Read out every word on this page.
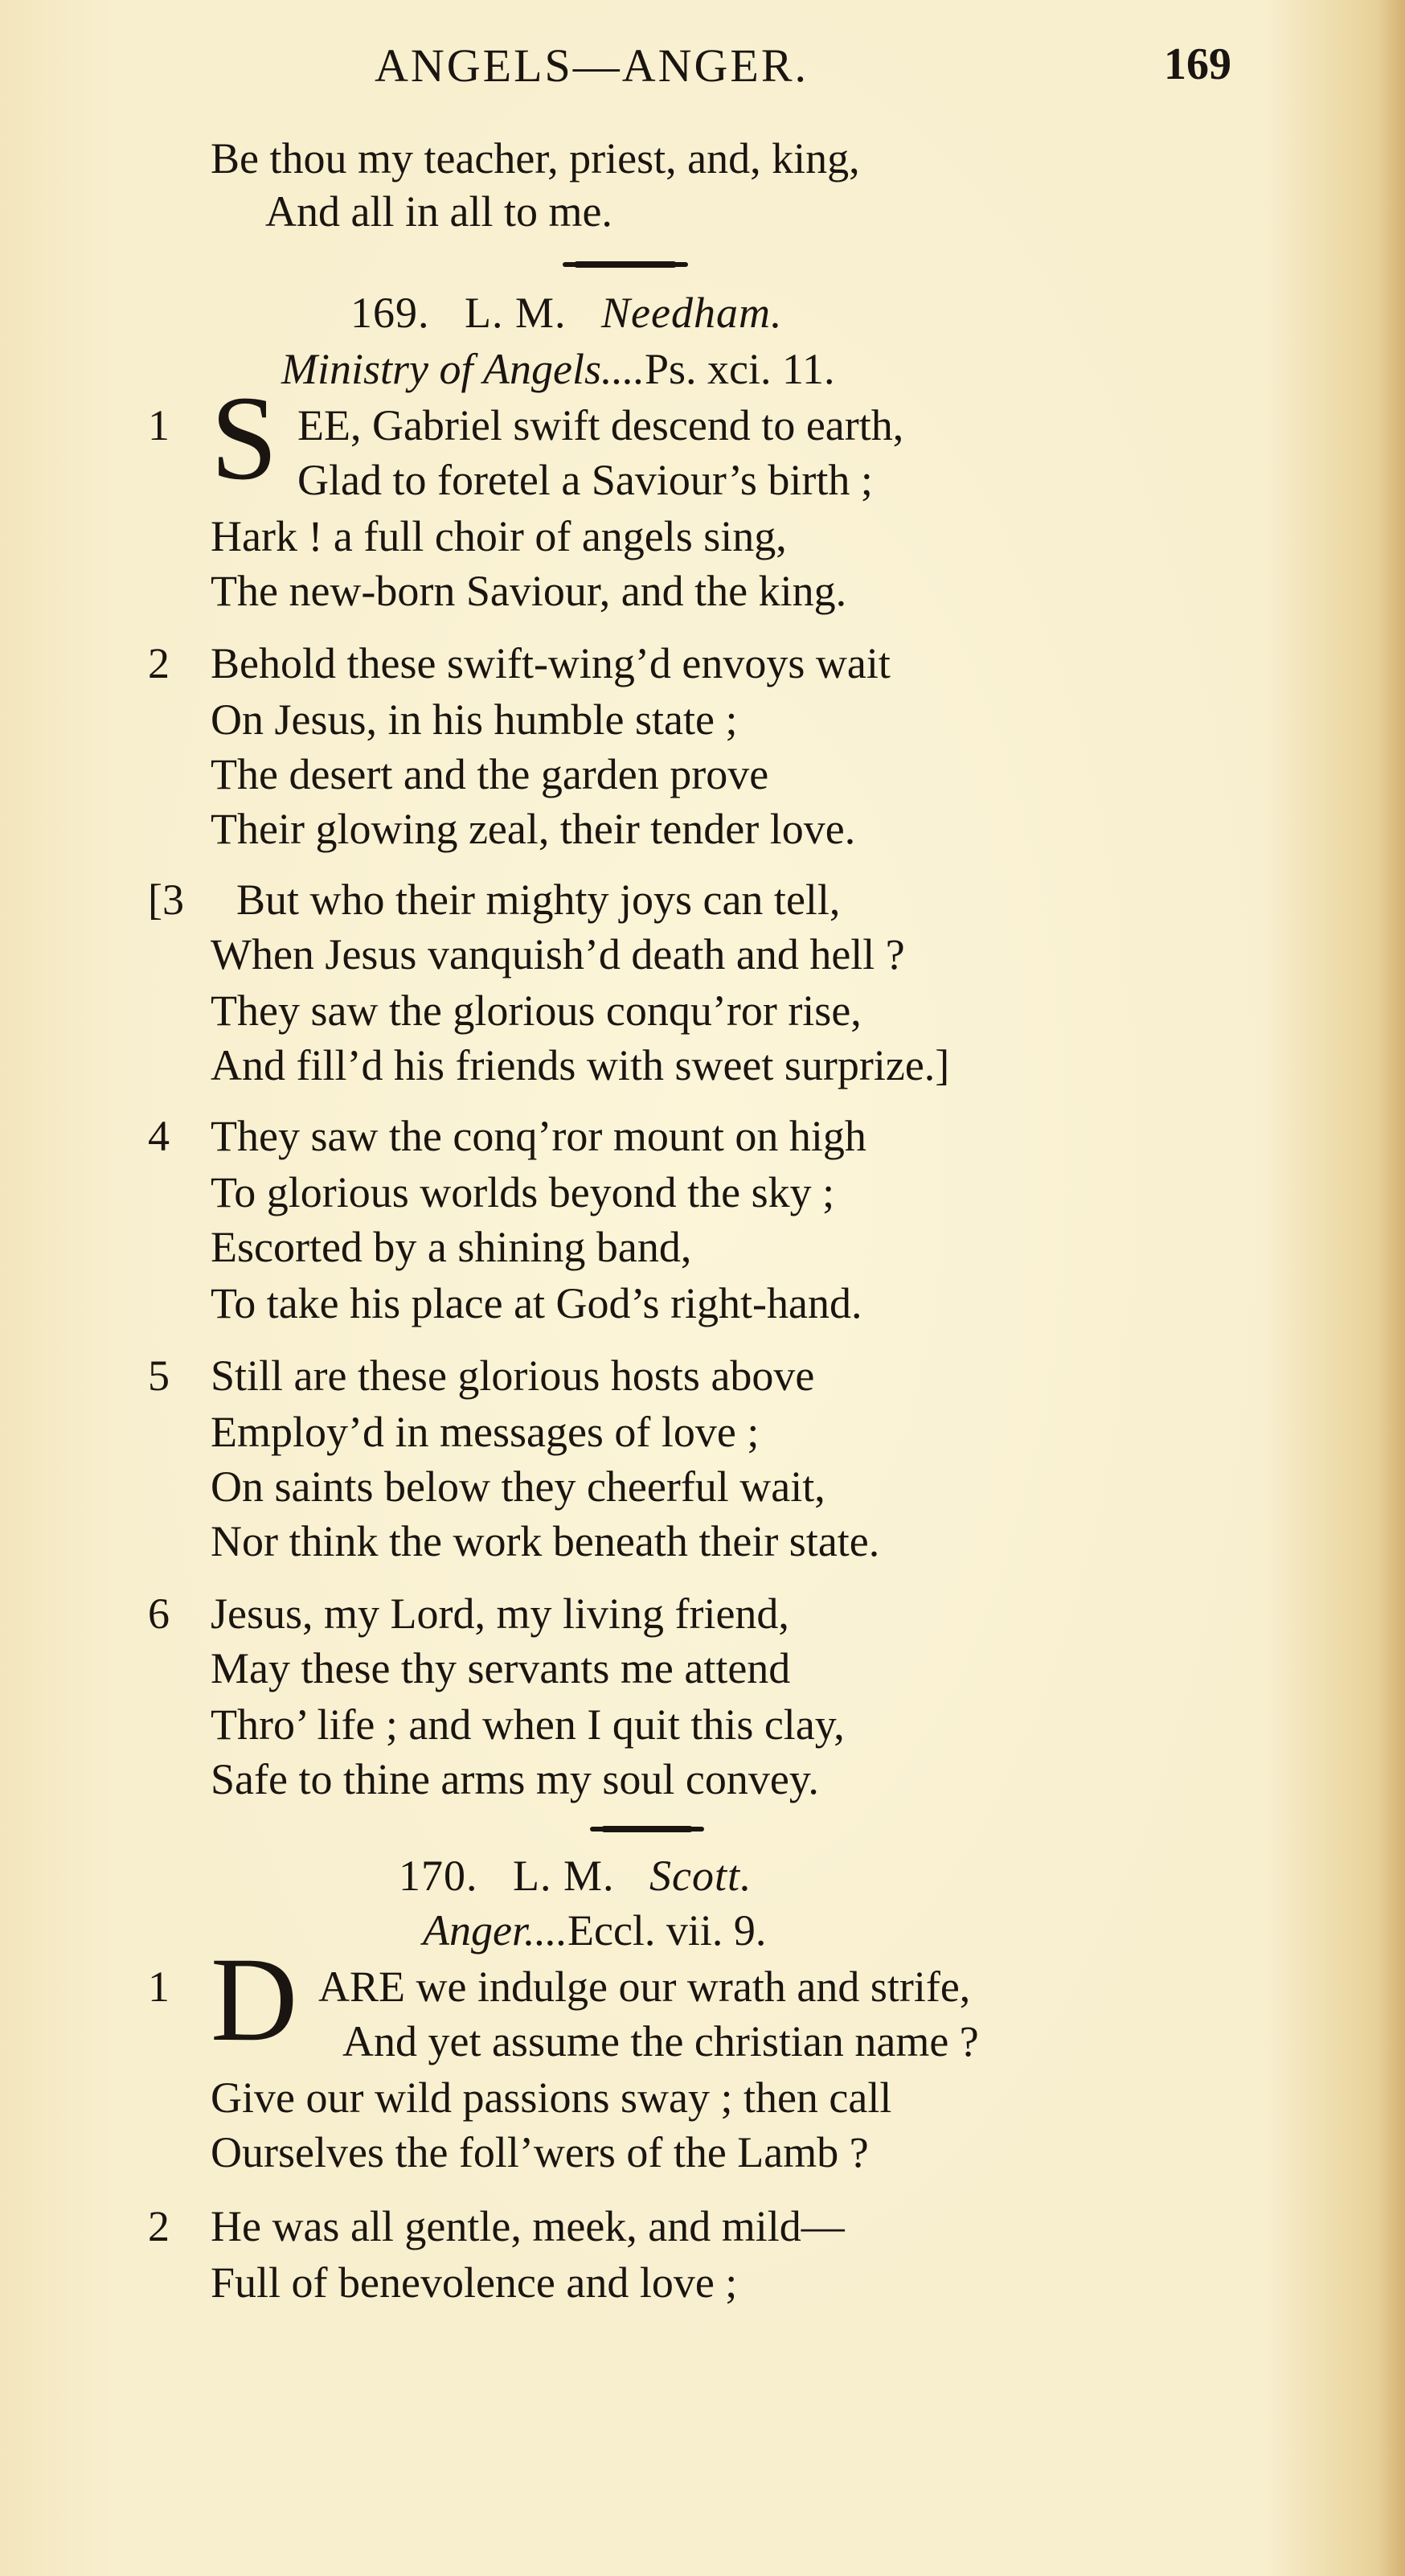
ANGELS—ANGER.	169
Be thou my teacher, priest, and, king,
And all in all to me.
169. L. M. Needham.
Ministry of Angels....Ps. xci. 11.
1 S EE, Gabriel swift descend to earth,
Glad to foretel a Saviour’s birth ;
Hark ! a full choir of angels sing,
The new-born Saviour, and the king.
2 Behold these swift-wing’d envoys wait
On Jesus, in his humble state ;
The desert and the garden prove
Their glowing zeal, their tender love.
[3 But who their mighty joys can tell,
When Jesus vanquish’d death and hell ?
They saw the glorious conqu’ror rise,
And fill’d his friends with sweet surprize.]
4 They saw the conq’ror mount on high
To glorious worlds beyond the sky ;
Escorted by a shining band,
To take his place at God’s right-hand.
5 Still are these glorious hosts above
Employ’d in messages of love ;
On saints below they cheerful wait,
Nor think the work beneath their state.
6 Jesus, my Lord, my living friend,
May these thy servants me attend
Thro’ life ; and when I quit this clay,
Safe to thine arms my soul convey.
170. L. M. Scott.
Anger....Eccl. vii. 9.
1 D ARE we indulge our wrath and strife,
And yet assume the christian name ?
Give our wild passions sway ; then call
Ourselves the foll’wers of the Lamb ?
2 He was all gentle, meek, and mild—
Full of benevolence and love ;
